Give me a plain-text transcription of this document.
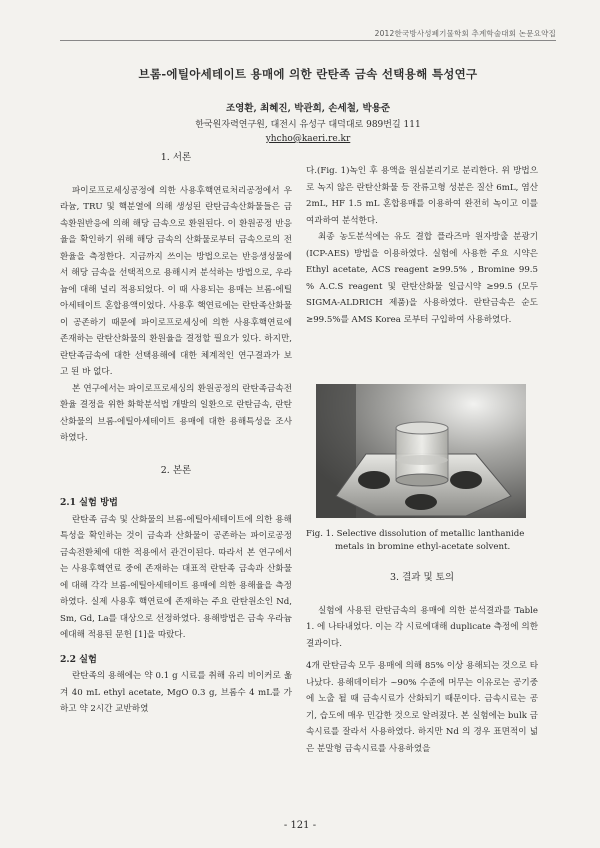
2012한국방사성폐기물학회 추계학술대회 논문요약집
브롬-에틸아세테이트 용매에 의한 란탄족 금속 선택용해 특성연구
조영환, 최혜진, 박관희, 손세철, 박용준
한국원자력연구원, 대전시 유성구 대덕대로 989번길 111
yhcho@kaeri.re.kr

1. 서론

파이로프로세싱공정에 의한 사용후핵연료처리공정에서 우라늄, TRU 및 핵분열에 의해 생성된 란탄금속산화물들은 금속환원반응에 의해 해당 금속으로 환원된다. 이 환원공정 반응율을 확인하기 위해 해당 금속의 산화물로부터 금속으로의 전환율을 측정한다. 지금까지 쓰이는 방법으로는 반응생성물에서 해당 금속을 선택적으로 용해시켜 분석하는 방법으로, 우라늄에 대해 널리 적용되었다. 이 때 사용되는 용매는 브롬-에틸아세테이트 혼합용액이었다. 사용후 핵연료에는 란탄족산화물이 공존하기 때문에 파이로프로세싱에 의한 사용후핵연료에 존재하는 란탄산화물의 환원율을 결정할 필요가 있다. 하지만, 란탄족금속에 대한 선택용해에 대한 체계적인 연구결과가 보고 된 바 없다.

본 연구에서는 파이로프로세싱의 환원공정의 란탄족금속전환율 결정을 위한 화학분석법 개발의 일환으로 란탄금속, 란탄산화물의 브롬-에틸아세테이트 용매에 대한 용해특성을 조사하였다.

2. 본론

2.1 실험 방법

란탄족 금속 및 산화물의 브롬-에틸아세테이트에 의한 용해특성을 확인하는 것이 금속과 산화물이 공존하는 파이로공정 금속전환체에 대한 적용에서 관건이된다. 따라서 본 연구에서는 사용후핵연료 중에 존재하는 대표적 란탄족 금속과 산화물에 대해 각각 브롬-에틸아세테이트 용매에 의한 용해율을 측정하였다. 실제 사용후 핵연료에 존재하는 주요 란탄원소인 Nd, Sm, Gd, La를 대상으로 선정하였다. 용해방법은 금속 우라늄에대해 적용된 문헌 [1]을 따랐다.

2.2 실험

란탄족의 용해에는 약 0.1 g 시료를 취해 유리 비이커로 옮겨 40 mL ethyl acetate, MgO 0.3 g, 브롬수 4 mL를 가하고 약 2시간 교반하였

다.(Fig. 1)녹인 후 용액을 원심분리기로 분리한다. 위 방법으로 녹지 않은 란탄산화물 등 잔류고형 성분은 질산 6mL, 염산 2mL, HF 1.5 mL 혼합용매를 이용하여 완전히 녹이고 이를 여과하여 분석한다.

최종 농도분석에는 유도 결합 플라즈마 원자방출 분광기 (ICP-AES) 방법을 이용하였다. 실험에 사용한 주요 시약은 Ethyl acetate, ACS reagent ≥99.5% , Bromine 99.5 % A.C.S reagent 및 란탄산화물 일급시약 ≥99.5 (모두 SIGMA-ALDRICH 제품)을 사용하였다. 란탄금속은 순도 ≥99.5%를 AMS Korea 로부터 구입하여 사용하였다.

Fig. 1. Selective dissolution of metallic lanthanide
metals in bromine ethyl-acetate solvent.

3. 결과 및 토의

실험에 사용된 란탄금속의 용매에 의한 분석결과를 Table 1. 에 나타내었다. 이는 각 시료에대해 duplicate 측정에 의한 결과이다.

4개 란탄금속 모두 용매에 의해 85% 이상 용해되는 것으로 타나났다. 용해데이터가 ~90% 수준에 머무는 이유로는 공기중에 노출 될 때 금속시료가 산화되기 때문이다. 금속시료는 공기, 습도에 매우 민감한 것으로 알려졌다. 본 실험에는 bulk 금속시료를 잘라서 사용하였다. 하지만 Nd 의 경우 표면적이 넓은 분말형 금속시료를 사용하였을

- 121 -
